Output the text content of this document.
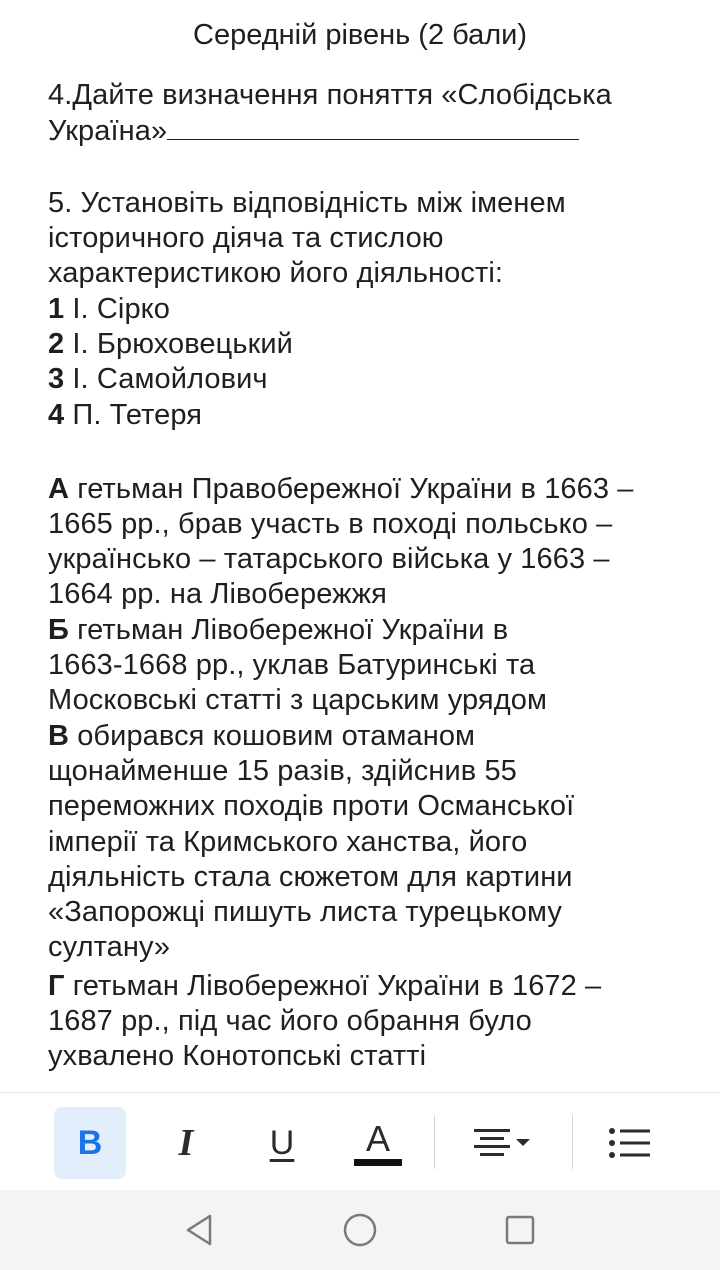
Середній рівень (2 бали)
4.Дайте визначення поняття «Слобідська
Україна»
5. Установіть відповідність між іменем
історичного діяча та стислою
характеристикою його діяльності:
1 І. Сірко
2 І. Брюховецький
3 І. Самойлович
4 П. Тетеря
А гетьман Правобережної України в 1663 –
1665 рр., брав участь в поході польсько –
українсько – татарського війська у 1663 –
1664 рр. на Лівобережжя
Б гетьман Лівобережної України в
1663-1668 рр., уклав Батуринські та
Московські статті з царським урядом
В обирався кошовим отаманом
щонайменше 15 разів, здійснив 55
переможних походів проти Османської
імперії та Кримського ханства, його
діяльність стала сюжетом для картини
«Запорожці пишуть листа турецькому
султану»
Г гетьман Лівобережної України в 1672 –
1687 рр., під час його обрання було
ухвалено Конотопські статті
B I U A
